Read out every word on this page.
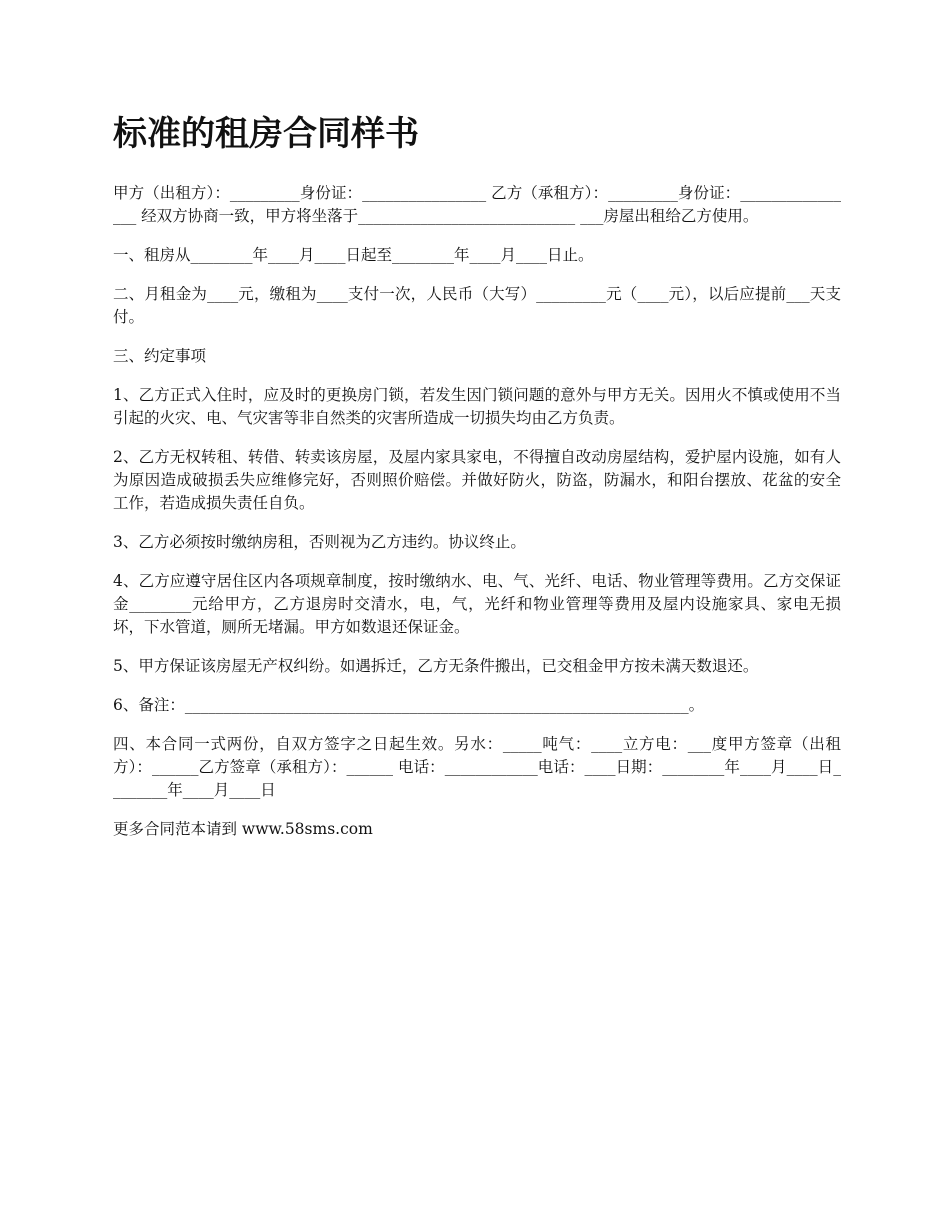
标准的租房合同样书

甲方（出租方）：_________身份证：________________ 乙方（承租方）：_________身份证：________________ 经双方协商一致，甲方将坐落于____________________________ ___房屋出租给乙方使用。

一、租房从________年____月____日起至________年____月____日止。

二、月租金为____元，缴租为____支付一次，人民币（大写）_________元（____元），以后应提前___天支付。

三、约定事项

1、乙方正式入住时，应及时的更换房门锁，若发生因门锁问题的意外与甲方无关。因用火不慎或使用不当引起的火灾、电、气灾害等非自然类的灾害所造成一切损失均由乙方负责。

2、乙方无权转租、转借、转卖该房屋，及屋内家具家电，不得擅自改动房屋结构，爱护屋内设施，如有人为原因造成破损丢失应维修完好，否则照价赔偿。并做好防火，防盗，防漏水，和阳台摆放、花盆的安全工作，若造成损失责任自负。

3、乙方必须按时缴纳房租，否则视为乙方违约。协议终止。

4、乙方应遵守居住区内各项规章制度，按时缴纳水、电、气、光纤、电话、物业管理等费用。乙方交保证金________元给甲方，乙方退房时交清水，电，气，光纤和物业管理等费用及屋内设施家具、家电无损坏，下水管道，厕所无堵漏。甲方如数退还保证金。

5、甲方保证该房屋无产权纠纷。如遇拆迁，乙方无条件搬出，已交租金甲方按未满天数退还。

6、备注：_________________________________________________________________。

四、本合同一式两份，自双方签字之日起生效。另水：_____吨气：____立方电：___度甲方签章（出租方）：______乙方签章（承租方）：______ 电话：____________电话：____日期：________年____月____日________年____月____日

更多合同范本请到 www.58sms.com
